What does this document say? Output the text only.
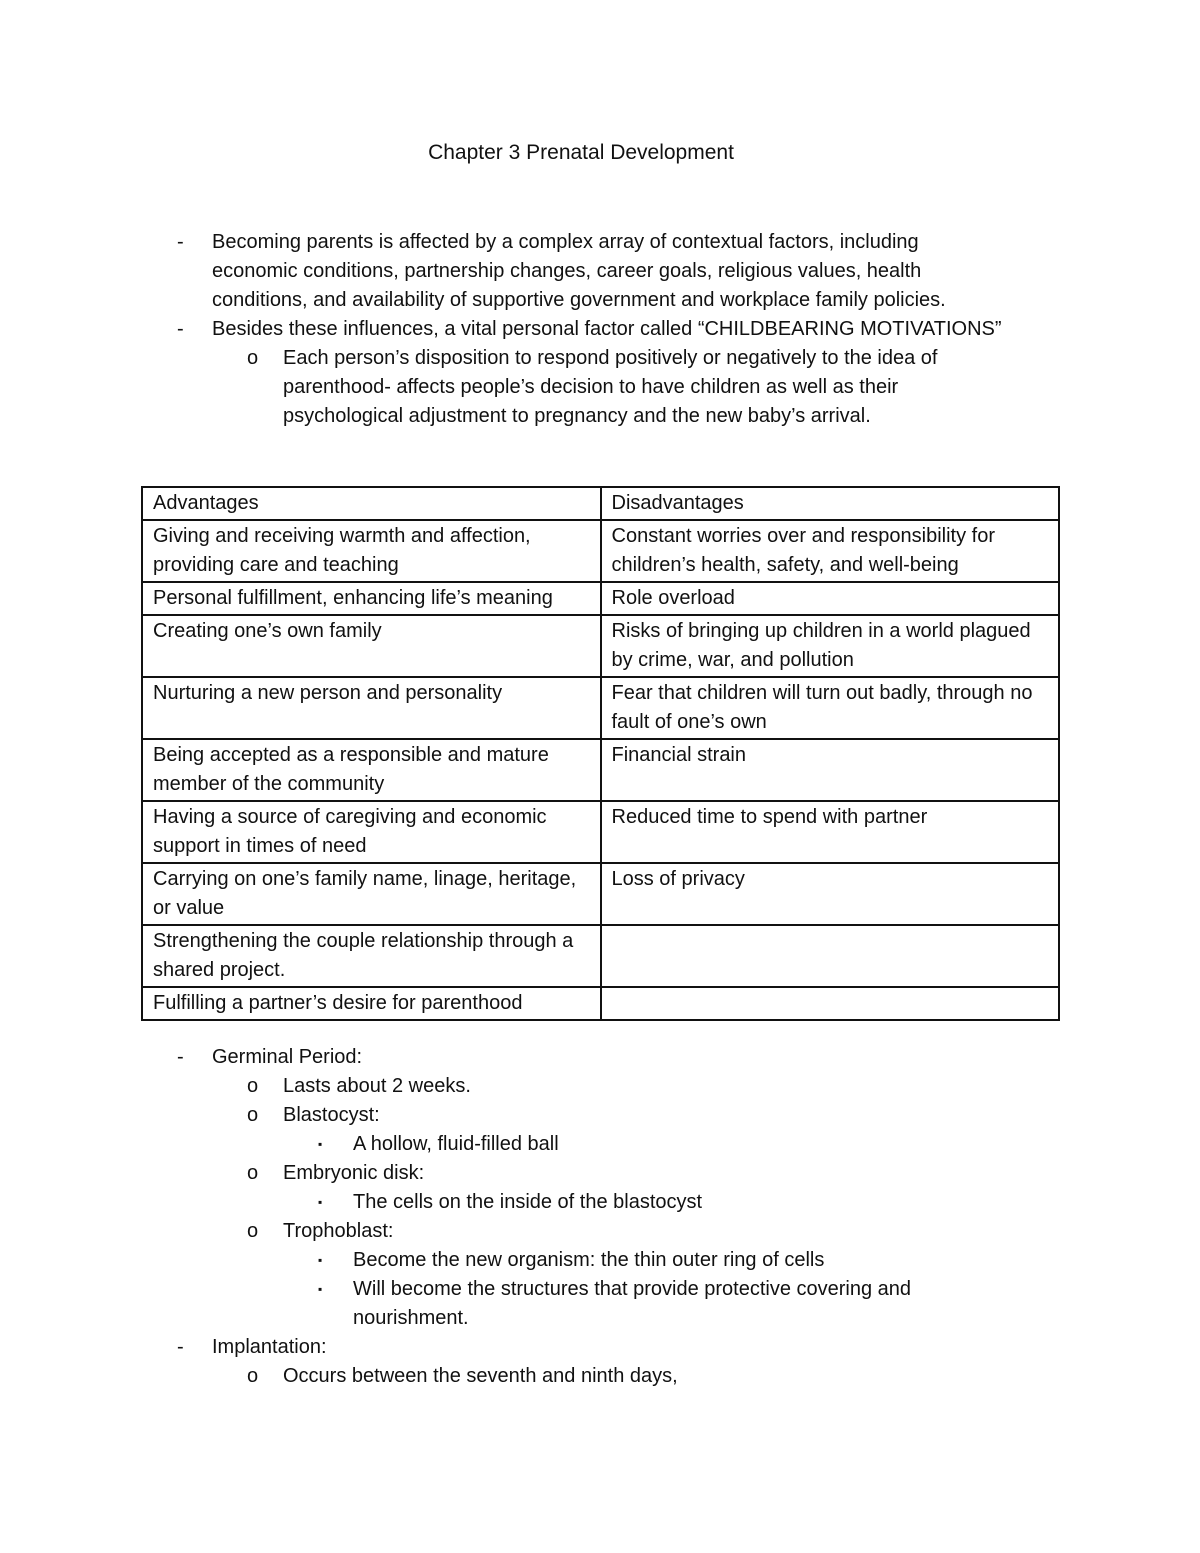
Chapter 3 Prenatal Development
- Becoming parents is affected by a complex array of contextual factors, including economic conditions, partnership changes, career goals, religious values, health conditions, and availability of supportive government and workplace family policies.
- Besides these influences, a vital personal factor called “CHILDBEARING MOTIVATIONS”
o Each person’s disposition to respond positively or negatively to the idea of parenthood- affects people’s decision to have children as well as their psychological adjustment to pregnancy and the new baby’s arrival.
Advantages	Disadvantages
Giving and receiving warmth and affection, providing care and teaching	Constant worries over and responsibility for children’s health, safety, and well-being
Personal fulfillment, enhancing life’s meaning	Role overload
Creating one’s own family	Risks of bringing up children in a world plagued by crime, war, and pollution
Nurturing a new person and personality	Fear that children will turn out badly, through no fault of one’s own
Being accepted as a responsible and mature member of the community	Financial strain
Having a source of caregiving and economic support in times of need	Reduced time to spend with partner
Carrying on one’s family name, linage, heritage, or value	Loss of privacy
Strengthening the couple relationship through a shared project.	
Fulfilling a partner’s desire for parenthood	
- Germinal Period:
o Lasts about 2 weeks.
o Blastocyst:
▪ A hollow, fluid-filled ball
o Embryonic disk:
▪ The cells on the inside of the blastocyst
o Trophoblast:
▪ Become the new organism: the thin outer ring of cells
▪ Will become the structures that provide protective covering and nourishment.
- Implantation:
o Occurs between the seventh and ninth days,
